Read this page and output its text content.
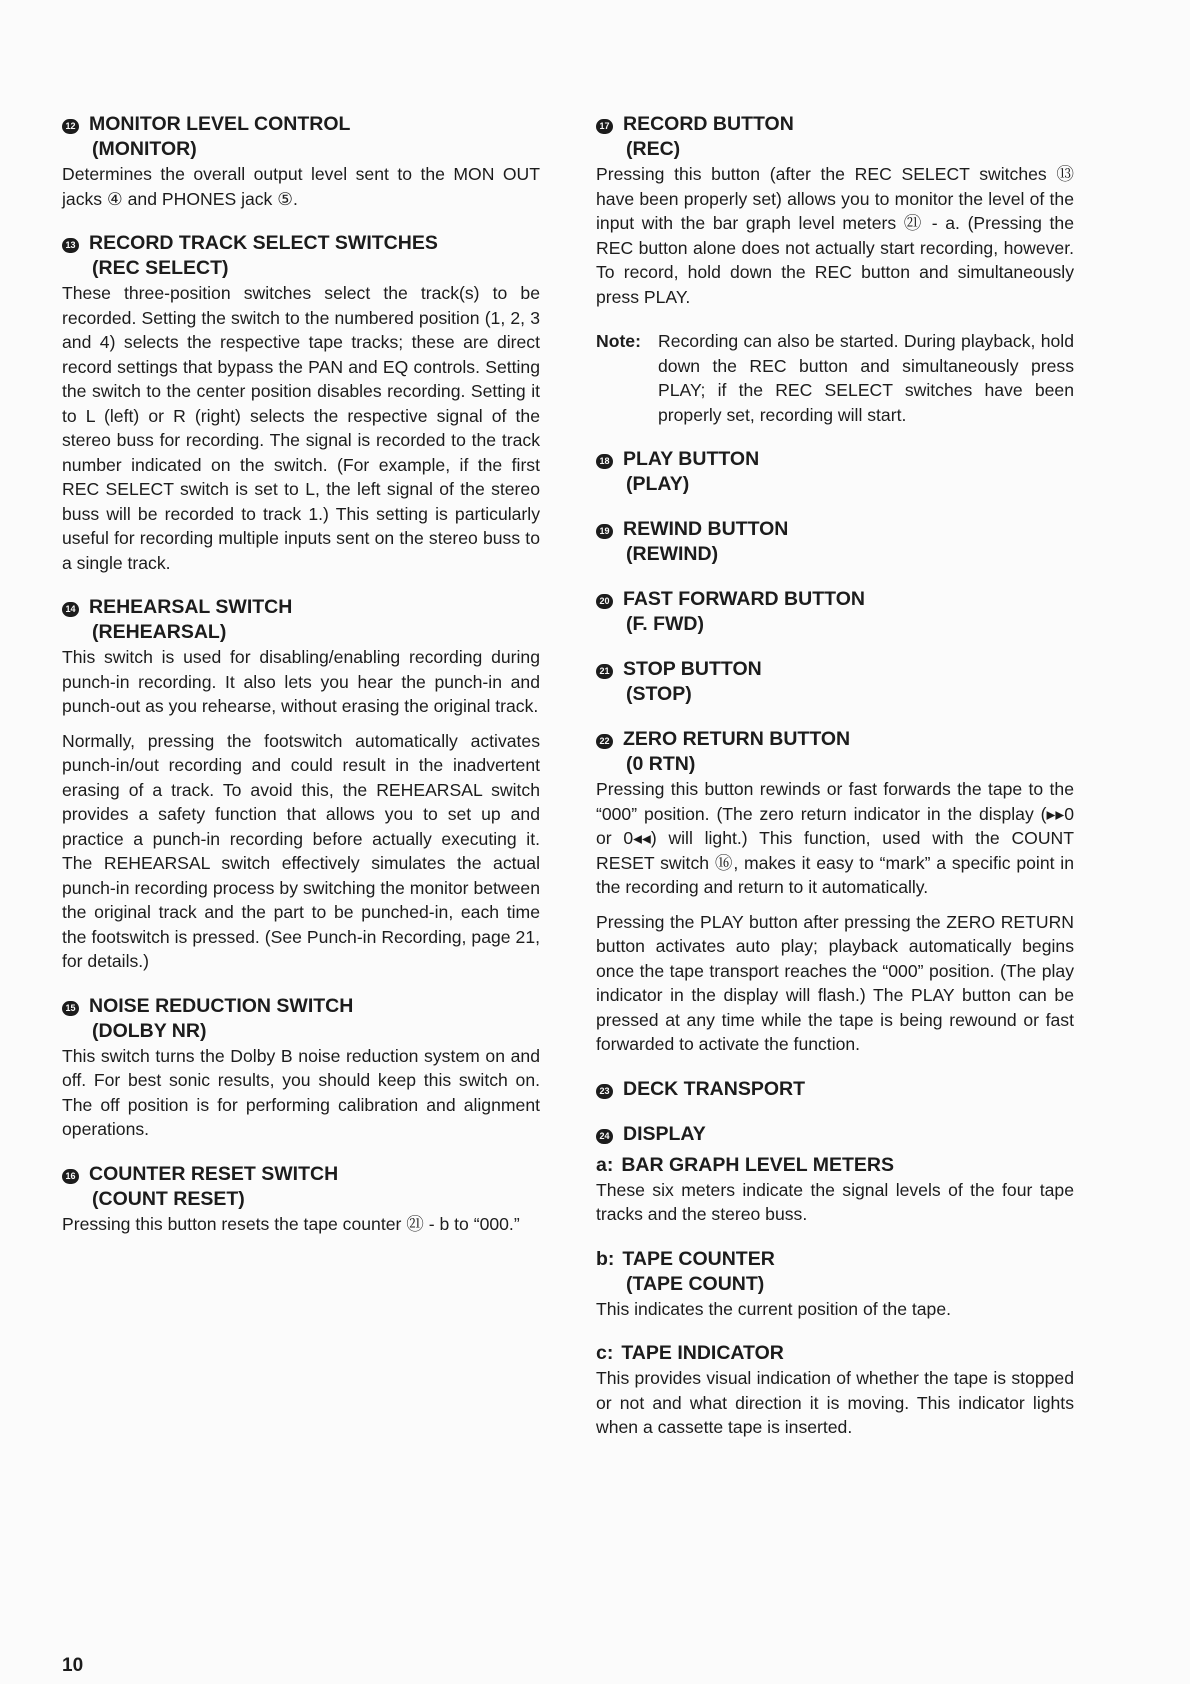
12 MONITOR LEVEL CONTROL
(MONITOR)
Determines the overall output level sent to the MON OUT jacks ④ and PHONES jack ⑤.
13 RECORD TRACK SELECT SWITCHES
(REC SELECT)
These three-position switches select the track(s) to be recorded. Setting the switch to the numbered position (1, 2, 3 and 4) selects the respective tape tracks; these are direct record settings that bypass the PAN and EQ controls. Setting the switch to the center position disables recording. Setting it to L (left) or R (right) selects the respective signal of the stereo buss for recording. The signal is recorded to the track number indicated on the switch. (For example, if the first REC SELECT switch is set to L, the left signal of the stereo buss will be recorded to track 1.) This setting is particularly useful for recording multiple inputs sent on the stereo buss to a single track.
14 REHEARSAL SWITCH
(REHEARSAL)
This switch is used for disabling/enabling recording during punch-in recording. It also lets you hear the punch-in and punch-out as you rehearse, without erasing the original track.
Normally, pressing the footswitch automatically activates punch-in/out recording and could result in the inadvertent erasing of a track. To avoid this, the REHEARSAL switch provides a safety function that allows you to set up and practice a punch-in recording before actually executing it. The REHEARSAL switch effectively simulates the actual punch-in recording process by switching the monitor between the original track and the part to be punched-in, each time the footswitch is pressed. (See Punch-in Recording, page 21, for details.)
15 NOISE REDUCTION SWITCH
(DOLBY NR)
This switch turns the Dolby B noise reduction system on and off. For best sonic results, you should keep this switch on. The off position is for performing calibration and alignment operations.
16 COUNTER RESET SWITCH
(COUNT RESET)
Pressing this button resets the tape counter ㉑ - b to “000.”
17 RECORD BUTTON
(REC)
Pressing this button (after the REC SELECT switches ⑬ have been properly set) allows you to monitor the level of the input with the bar graph level meters ㉑ - a. (Pressing the REC button alone does not actually start recording, however. To record, hold down the REC button and simultaneously press PLAY.
Note: Recording can also be started. During playback, hold down the REC button and simultaneously press PLAY; if the REC SELECT switches have been properly set, recording will start.
18 PLAY BUTTON
(PLAY)
19 REWIND BUTTON
(REWIND)
20 FAST FORWARD BUTTON
(F. FWD)
21 STOP BUTTON
(STOP)
22 ZERO RETURN BUTTON
(0 RTN)
Pressing this button rewinds or fast forwards the tape to the “000” position. (The zero return indicator in the display (▸▸0 or 0◂◂) will light.) This function, used with the COUNT RESET switch ⑯, makes it easy to “mark” a specific point in the recording and return to it automatically.
Pressing the PLAY button after pressing the ZERO RETURN button activates auto play; playback automatically begins once the tape transport reaches the “000” position. (The play indicator in the display will flash.) The PLAY button can be pressed at any time while the tape is being rewound or fast forwarded to activate the function.
23 DECK TRANSPORT
24 DISPLAY
a: BAR GRAPH LEVEL METERS
These six meters indicate the signal levels of the four tape tracks and the stereo buss.
b: TAPE COUNTER
(TAPE COUNT)
This indicates the current position of the tape.
c: TAPE INDICATOR
This provides visual indication of whether the tape is stopped or not and what direction it is moving. This indicator lights when a cassette tape is inserted.
10
